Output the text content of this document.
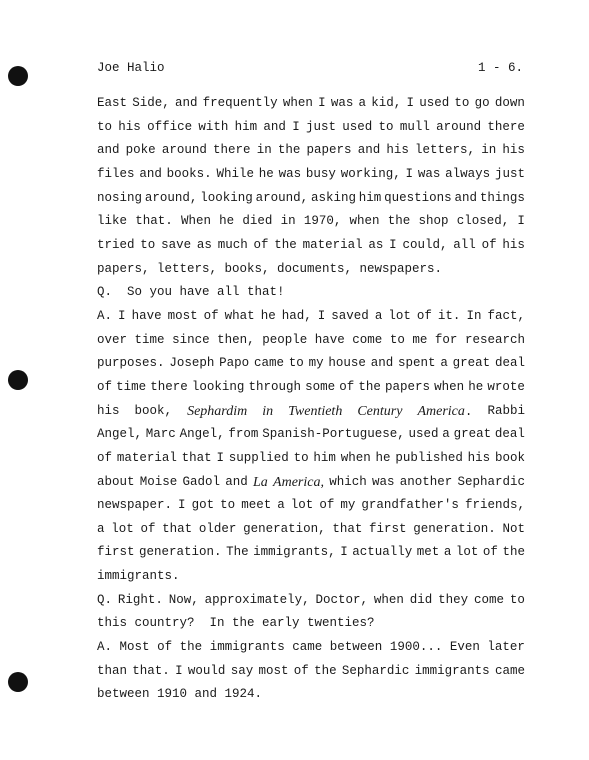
Joe Halio	1 - 6.
East Side, and frequently when I was a kid, I used to go down
to his office with him and I just used to mull around there
and poke around there in the papers and his letters, in his
files and books. While he was busy working, I was always just
nosing around, looking around, asking him questions and things
like that. When he died in 1970, when the shop closed, I
tried to save as much of the material as I could, all of his
papers, letters, books, documents, newspapers.
Q.  So you have all that!
A. I have most of what he had, I saved a lot of it. In fact,
over time since then, people have come to me for research
purposes. Joseph Papo came to my house and spent a great deal
of time there looking through some of the papers when he wrote
his book, Sephardim in Twentieth Century America. Rabbi
Angel, Marc Angel, from Spanish-Portuguese, used a great deal
of material that I supplied to him when he published his book
about Moise Gadol and La America, which was another Sephardic
newspaper. I got to meet a lot of my grandfather's friends,
a lot of that older generation, that first generation. Not
first generation. The immigrants, I actually met a lot of the
immigrants.
Q. Right. Now, approximately, Doctor, when did they come to
this country?  In the early twenties?
A. Most of the immigrants came between 1900... Even later
than that. I would say most of the Sephardic immigrants came
between 1910 and 1924.
